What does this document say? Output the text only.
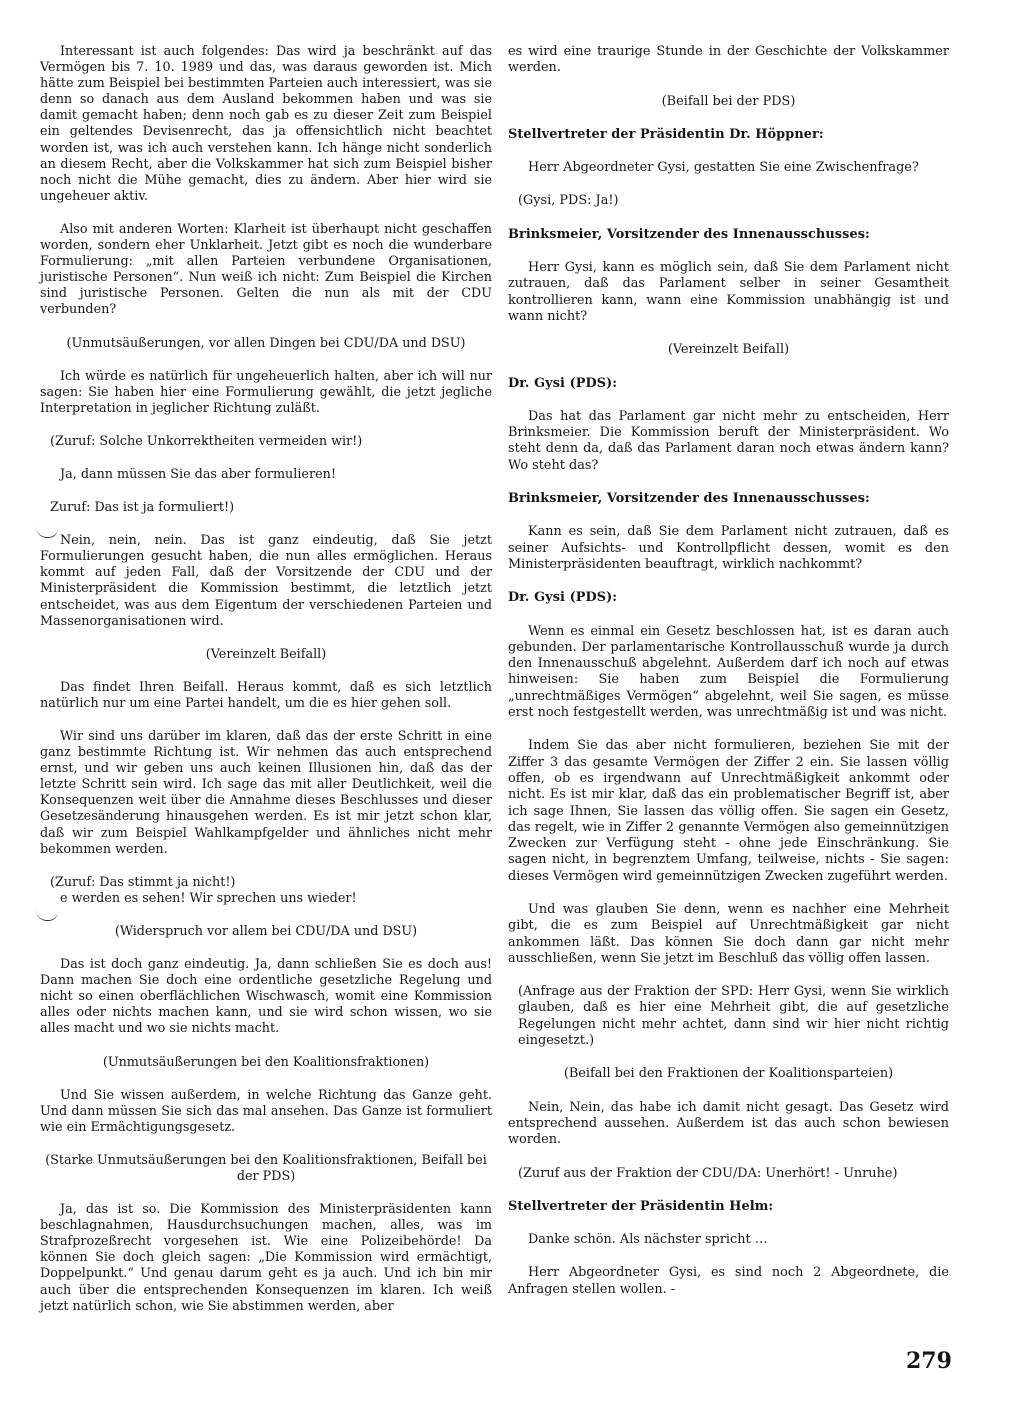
Interessant ist auch folgendes: Das wird ja beschränkt auf das Vermögen bis 7. 10. 1989 und das, was daraus geworden ist. Mich hätte zum Beispiel bei bestimmten Parteien auch interessiert, was sie denn so danach aus dem Ausland bekommen haben und was sie damit gemacht haben; denn noch gab es zu dieser Zeit zum Beispiel ein geltendes Devisenrecht, das ja offensichtlich nicht beachtet worden ist, was ich auch verstehen kann. Ich hänge nicht sonderlich an diesem Recht, aber die Volkskammer hat sich zum Beispiel bisher noch nicht die Mühe gemacht, dies zu ändern. Aber hier wird sie ungeheuer aktiv.

Also mit anderen Worten: Klarheit ist überhaupt nicht geschaffen worden, sondern eher Unklarheit. Jetzt gibt es noch die wunderbare Formulierung: „mit allen Parteien verbundene Organisationen, juristische Personen“. Nun weiß ich nicht: Zum Beispiel die Kirchen sind juristische Personen. Gelten die nun als mit der CDU verbunden?

(Unmutsäußerungen, vor allen Dingen bei CDU/DA und DSU)

Ich würde es natürlich für ungeheuerlich halten, aber ich will nur sagen: Sie haben hier eine Formulierung gewählt, die jetzt jegliche Interpretation in jeglicher Richtung zuläßt.

(Zuruf: Solche Unkorrektheiten vermeiden wir!)

Ja, dann müssen Sie das aber formulieren!

Zuruf: Das ist ja formuliert!)

Nein, nein, nein. Das ist ganz eindeutig, daß Sie jetzt Formulierungen gesucht haben, die nun alles ermöglichen. Heraus kommt auf jeden Fall, daß der Vorsitzende der CDU und der Ministerpräsident die Kommission bestimmt, die letztlich jetzt entscheidet, was aus dem Eigentum der verschiedenen Parteien und Massenorganisationen wird.

(Vereinzelt Beifall)

Das findet Ihren Beifall. Heraus kommt, daß es sich letztlich natürlich nur um eine Partei handelt, um die es hier gehen soll.

Wir sind uns darüber im klaren, daß das der erste Schritt in eine ganz bestimmte Richtung ist. Wir nehmen das auch entsprechend ernst, und wir geben uns auch keinen Illusionen hin, daß das der letzte Schritt sein wird. Ich sage das mit aller Deutlichkeit, weil die Konsequenzen weit über die Annahme dieses Beschlusses und dieser Gesetzesänderung hinausgehen werden. Es ist mir jetzt schon klar, daß wir zum Beispiel Wahlkampfgelder und ähnliches nicht mehr bekommen werden.

(Zuruf: Das stimmt ja nicht!)
e werden es sehen! Wir sprechen uns wieder!

(Widerspruch vor allem bei CDU/DA und DSU)

Das ist doch ganz eindeutig. Ja, dann schließen Sie es doch aus! Dann machen Sie doch eine ordentliche gesetzliche Regelung und nicht so einen oberflächlichen Wischwasch, womit eine Kommission alles oder nichts machen kann, und sie wird schon wissen, wo sie alles macht und wo sie nichts macht.

(Unmutsäußerungen bei den Koalitionsfraktionen)

Und Sie wissen außerdem, in welche Richtung das Ganze geht. Und dann müssen Sie sich das mal ansehen. Das Ganze ist formuliert wie ein Ermächtigungsgesetz.

(Starke Unmutsäußerungen bei den Koalitionsfraktionen, Beifall bei der PDS)

Ja, das ist so. Die Kommission des Ministerpräsidenten kann beschlagnahmen, Hausdurchsuchungen machen, alles, was im Strafprozeßrecht vorgesehen ist. Wie eine Polizeibehörde! Da können Sie doch gleich sagen: „Die Kommission wird ermächtigt, Doppelpunkt.“ Und genau darum geht es ja auch. Und ich bin mir auch über die entsprechenden Konsequenzen im klaren. Ich weiß jetzt natürlich schon, wie Sie abstimmen werden, aber

es wird eine traurige Stunde in der Geschichte der Volkskammer werden.

(Beifall bei der PDS)

Stellvertreter der Präsidentin Dr. Höppner:

Herr Abgeordneter Gysi, gestatten Sie eine Zwischenfrage?

(Gysi, PDS: Ja!)

Brinksmeier, Vorsitzender des Innenausschusses:

Herr Gysi, kann es möglich sein, daß Sie dem Parlament nicht zutrauen, daß das Parlament selber in seiner Gesamtheit kontrollieren kann, wann eine Kommission unabhängig ist und wann nicht?

(Vereinzelt Beifall)

Dr. Gysi (PDS):

Das hat das Parlament gar nicht mehr zu entscheiden, Herr Brinksmeier. Die Kommission beruft der Ministerpräsident. Wo steht denn da, daß das Parlament daran noch etwas ändern kann? Wo steht das?

Brinksmeier, Vorsitzender des Innenausschusses:

Kann es sein, daß Sie dem Parlament nicht zutrauen, daß es seiner Aufsichts- und Kontrollpflicht dessen, womit es den Ministerpräsidenten beauftragt, wirklich nachkommt?

Dr. Gysi (PDS):

Wenn es einmal ein Gesetz beschlossen hat, ist es daran auch gebunden. Der parlamentarische Kontrollausschuß wurde ja durch den Innenausschuß abgelehnt. Außerdem darf ich noch auf etwas hinweisen: Sie haben zum Beispiel die Formulierung „unrechtmäßiges Vermögen“ abgelehnt, weil Sie sagen, es müsse erst noch festgestellt werden, was unrechtmäßig ist und was nicht.

Indem Sie das aber nicht formulieren, beziehen Sie mit der Ziffer 3 das gesamte Vermögen der Ziffer 2 ein. Sie lassen völlig offen, ob es irgendwann auf Unrechtmäßigkeit ankommt oder nicht. Es ist mir klar, daß das ein problematischer Begriff ist, aber ich sage Ihnen, Sie lassen das völlig offen. Sie sagen ein Gesetz, das regelt, wie in Ziffer 2 genannte Vermögen also gemeinnützigen Zwecken zur Verfügung steht - ohne jede Einschränkung. Sie sagen nicht, in begrenztem Umfang, teilweise, nichts - Sie sagen: dieses Vermögen wird gemeinnützigen Zwecken zugeführt werden.

Und was glauben Sie denn, wenn es nachher eine Mehrheit gibt, die es zum Beispiel auf Unrechtmäßigkeit gar nicht ankommen läßt. Das können Sie doch dann gar nicht mehr ausschließen, wenn Sie jetzt im Beschluß das völlig offen lassen.

(Anfrage aus der Fraktion der SPD: Herr Gysi, wenn Sie wirklich glauben, daß es hier eine Mehrheit gibt, die auf gesetzliche Regelungen nicht mehr achtet, dann sind wir hier nicht richtig eingesetzt.)

(Beifall bei den Fraktionen der Koalitionsparteien)

Nein, Nein, das habe ich damit nicht gesagt. Das Gesetz wird entsprechend aussehen. Außerdem ist das auch schon bewiesen worden.

(Zuruf aus der Fraktion der CDU/DA: Unerhört! - Unruhe)

Stellvertreter der Präsidentin Helm:

Danke schön. Als nächster spricht …

Herr Abgeordneter Gysi, es sind noch 2 Abgeordnete, die Anfragen stellen wollen. -

279
